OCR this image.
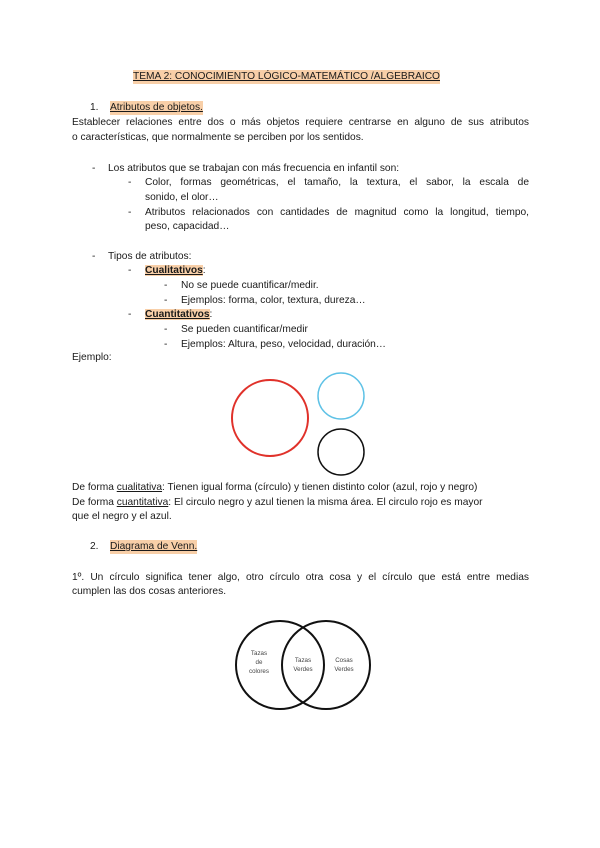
TEMA 2: CONOCIMIENTO LÓGICO-MATEMÁTICO /ALGEBRAICO
1. Atributos de objetos.
Establecer relaciones entre dos o más objetos requiere centrarse en alguno de sus atributos
o características, que normalmente se perciben por los sentidos.
- Los atributos que se trabajan con más frecuencia en infantil son:
- Color, formas geométricas, el tamaño, la textura, el sabor, la escala de
sonido, el olor…
- Atributos relacionados con cantidades de magnitud como la longitud, tiempo,
peso, capacidad…
- Tipos de atributos:
- Cualitativos:
- No se puede cuantificar/medir.
- Ejemplos: forma, color, textura, dureza…
- Cuantitativos:
- Se pueden cuantificar/medir
- Ejemplos: Altura, peso, velocidad, duración…
Ejemplo:
De forma cualitativa: Tienen igual forma (círculo) y tienen distinto color (azul, rojo y negro)
De forma cuantitativa: El circulo negro y azul tienen la misma área. El circulo rojo es mayor
que el negro y el azul.
2. Diagrama de Venn.
1º. Un círculo significa tener algo, otro círculo otra cosa y el círculo que está entre medias
cumplen las dos cosas anteriores.
Tazas
de
colores
Tazas
Verdes
Cosas
Verdes
